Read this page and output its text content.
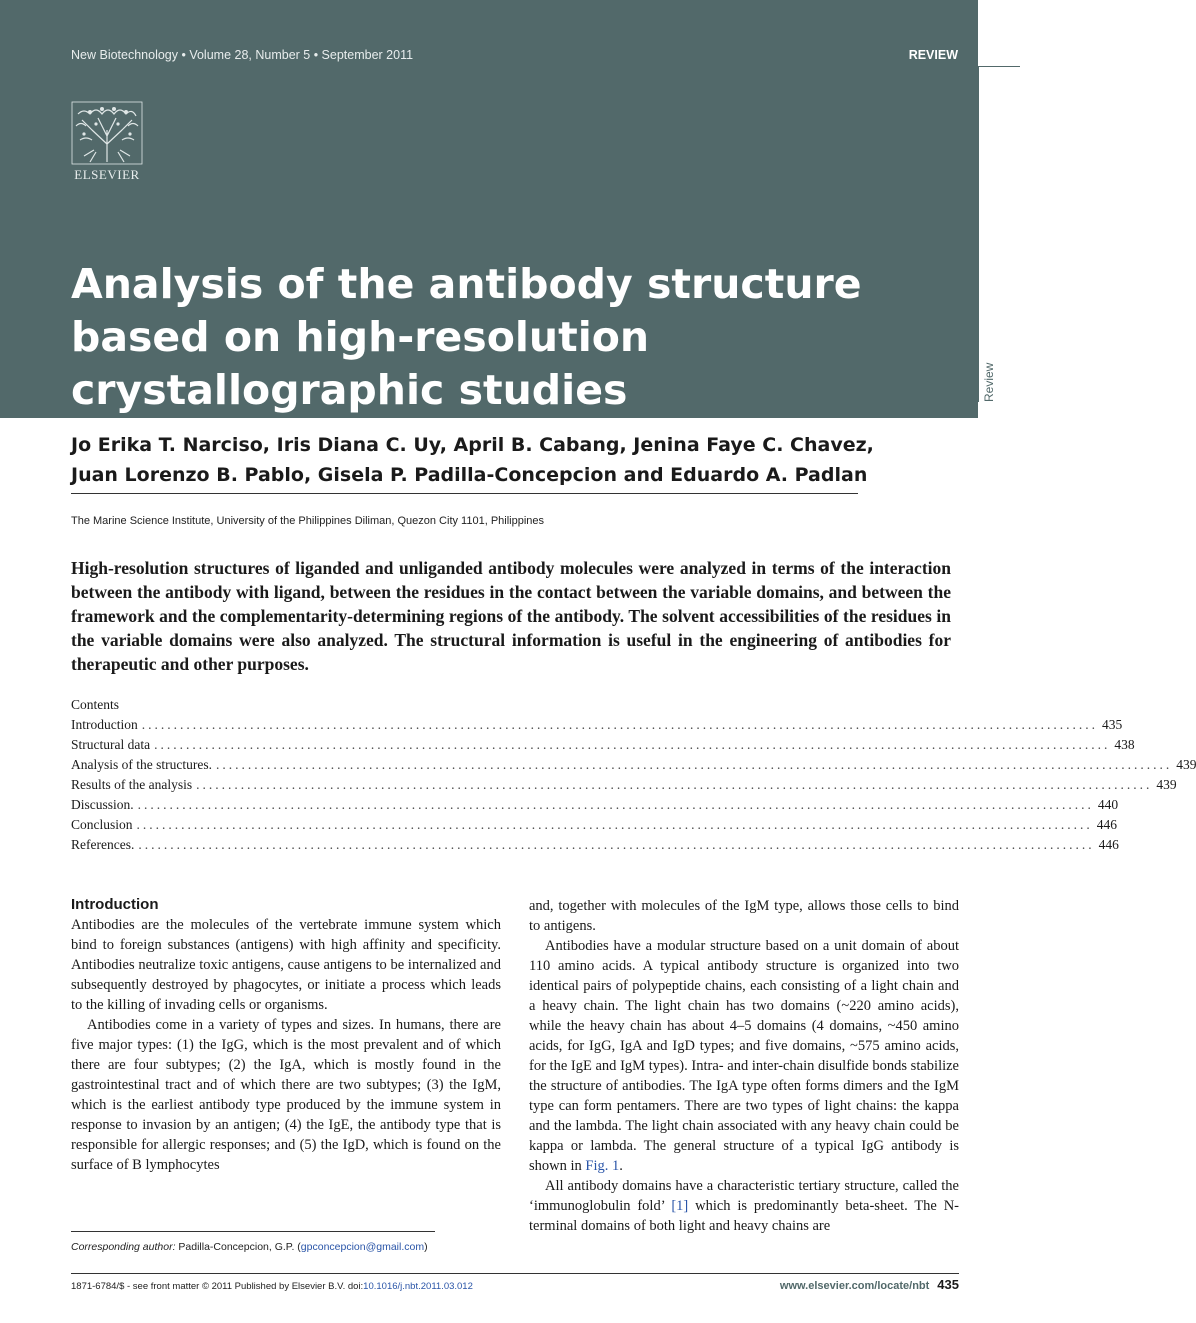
Review
New Biotechnology • Volume 28, Number 5 • September 2011	REVIEW
ELSEVIER
Analysis of the antibody structure based on high-resolution crystallographic studies
Jo Erika T. Narciso, Iris Diana C. Uy, April B. Cabang, Jenina Faye C. Chavez,
Juan Lorenzo B. Pablo, Gisela P. Padilla-Concepcion and Eduardo A. Padlan
The Marine Science Institute, University of the Philippines Diliman, Quezon City 1101, Philippines

High-resolution structures of liganded and unliganded antibody molecules were analyzed in terms of the interaction between the antibody with ligand, between the residues in the contact between the variable domains, and between the framework and the complementarity-determining regions of the antibody. The solvent accessibilities of the residues in the variable domains were also analyzed. The structural information is useful in the engineering of antibodies for therapeutic and other purposes.

Contents
Introduction ...................................................................................................................................................... 435
Structural data ...................................................................................................................................................... 438
Analysis of the structures. ...................................................................................................................................................... 439
Results of the analysis ...................................................................................................................................................... 439
Discussion. ...................................................................................................................................................... 440
Conclusion ...................................................................................................................................................... 446
References. ...................................................................................................................................................... 446
Introduction

Antibodies are the molecules of the vertebrate immune system which bind to foreign substances (antigens) with high affinity and specificity. Antibodies neutralize toxic antigens, cause antigens to be internalized and subsequently destroyed by phagocytes, or initiate a process which leads to the killing of invading cells or organisms.

Antibodies come in a variety of types and sizes. In humans, there are five major types: (1) the IgG, which is the most prevalent and of which there are four subtypes; (2) the IgA, which is mostly found in the gastrointestinal tract and of which there are two subtypes; (3) the IgM, which is the earliest antibody type produced by the immune system in response to invasion by an antigen; (4) the IgE, the antibody type that is responsible for allergic responses; and (5) the IgD, which is found on the surface of B lymphocytes

and, together with molecules of the IgM type, allows those cells to bind to antigens.

Antibodies have a modular structure based on a unit domain of about 110 amino acids. A typical antibody structure is organized into two identical pairs of polypeptide chains, each consisting of a light chain and a heavy chain. The light chain has two domains (~220 amino acids), while the heavy chain has about 4–5 domains (4 domains, ~450 amino acids, for IgG, IgA and IgD types; and five domains, ~575 amino acids, for the IgE and IgM types). Intra- and inter-chain disulfide bonds stabilize the structure of antibodies. The IgA type often forms dimers and the IgM type can form pentamers. There are two types of light chains: the kappa and the lambda. The light chain associated with any heavy chain could be kappa or lambda. The general structure of a typical IgG antibody is shown in Fig. 1.

All antibody domains have a characteristic tertiary structure, called the ‘immunoglobulin fold’ [1] which is predominantly beta-sheet. The N-terminal domains of both light and heavy chains are

Corresponding author: Padilla-Concepcion, G.P. (gpconcepcion@gmail.com)
1871-6784/$ - see front matter © 2011 Published by Elsevier B.V. doi:10.1016/j.nbt.2011.03.012	www.elsevier.com/locate/nbt 435
